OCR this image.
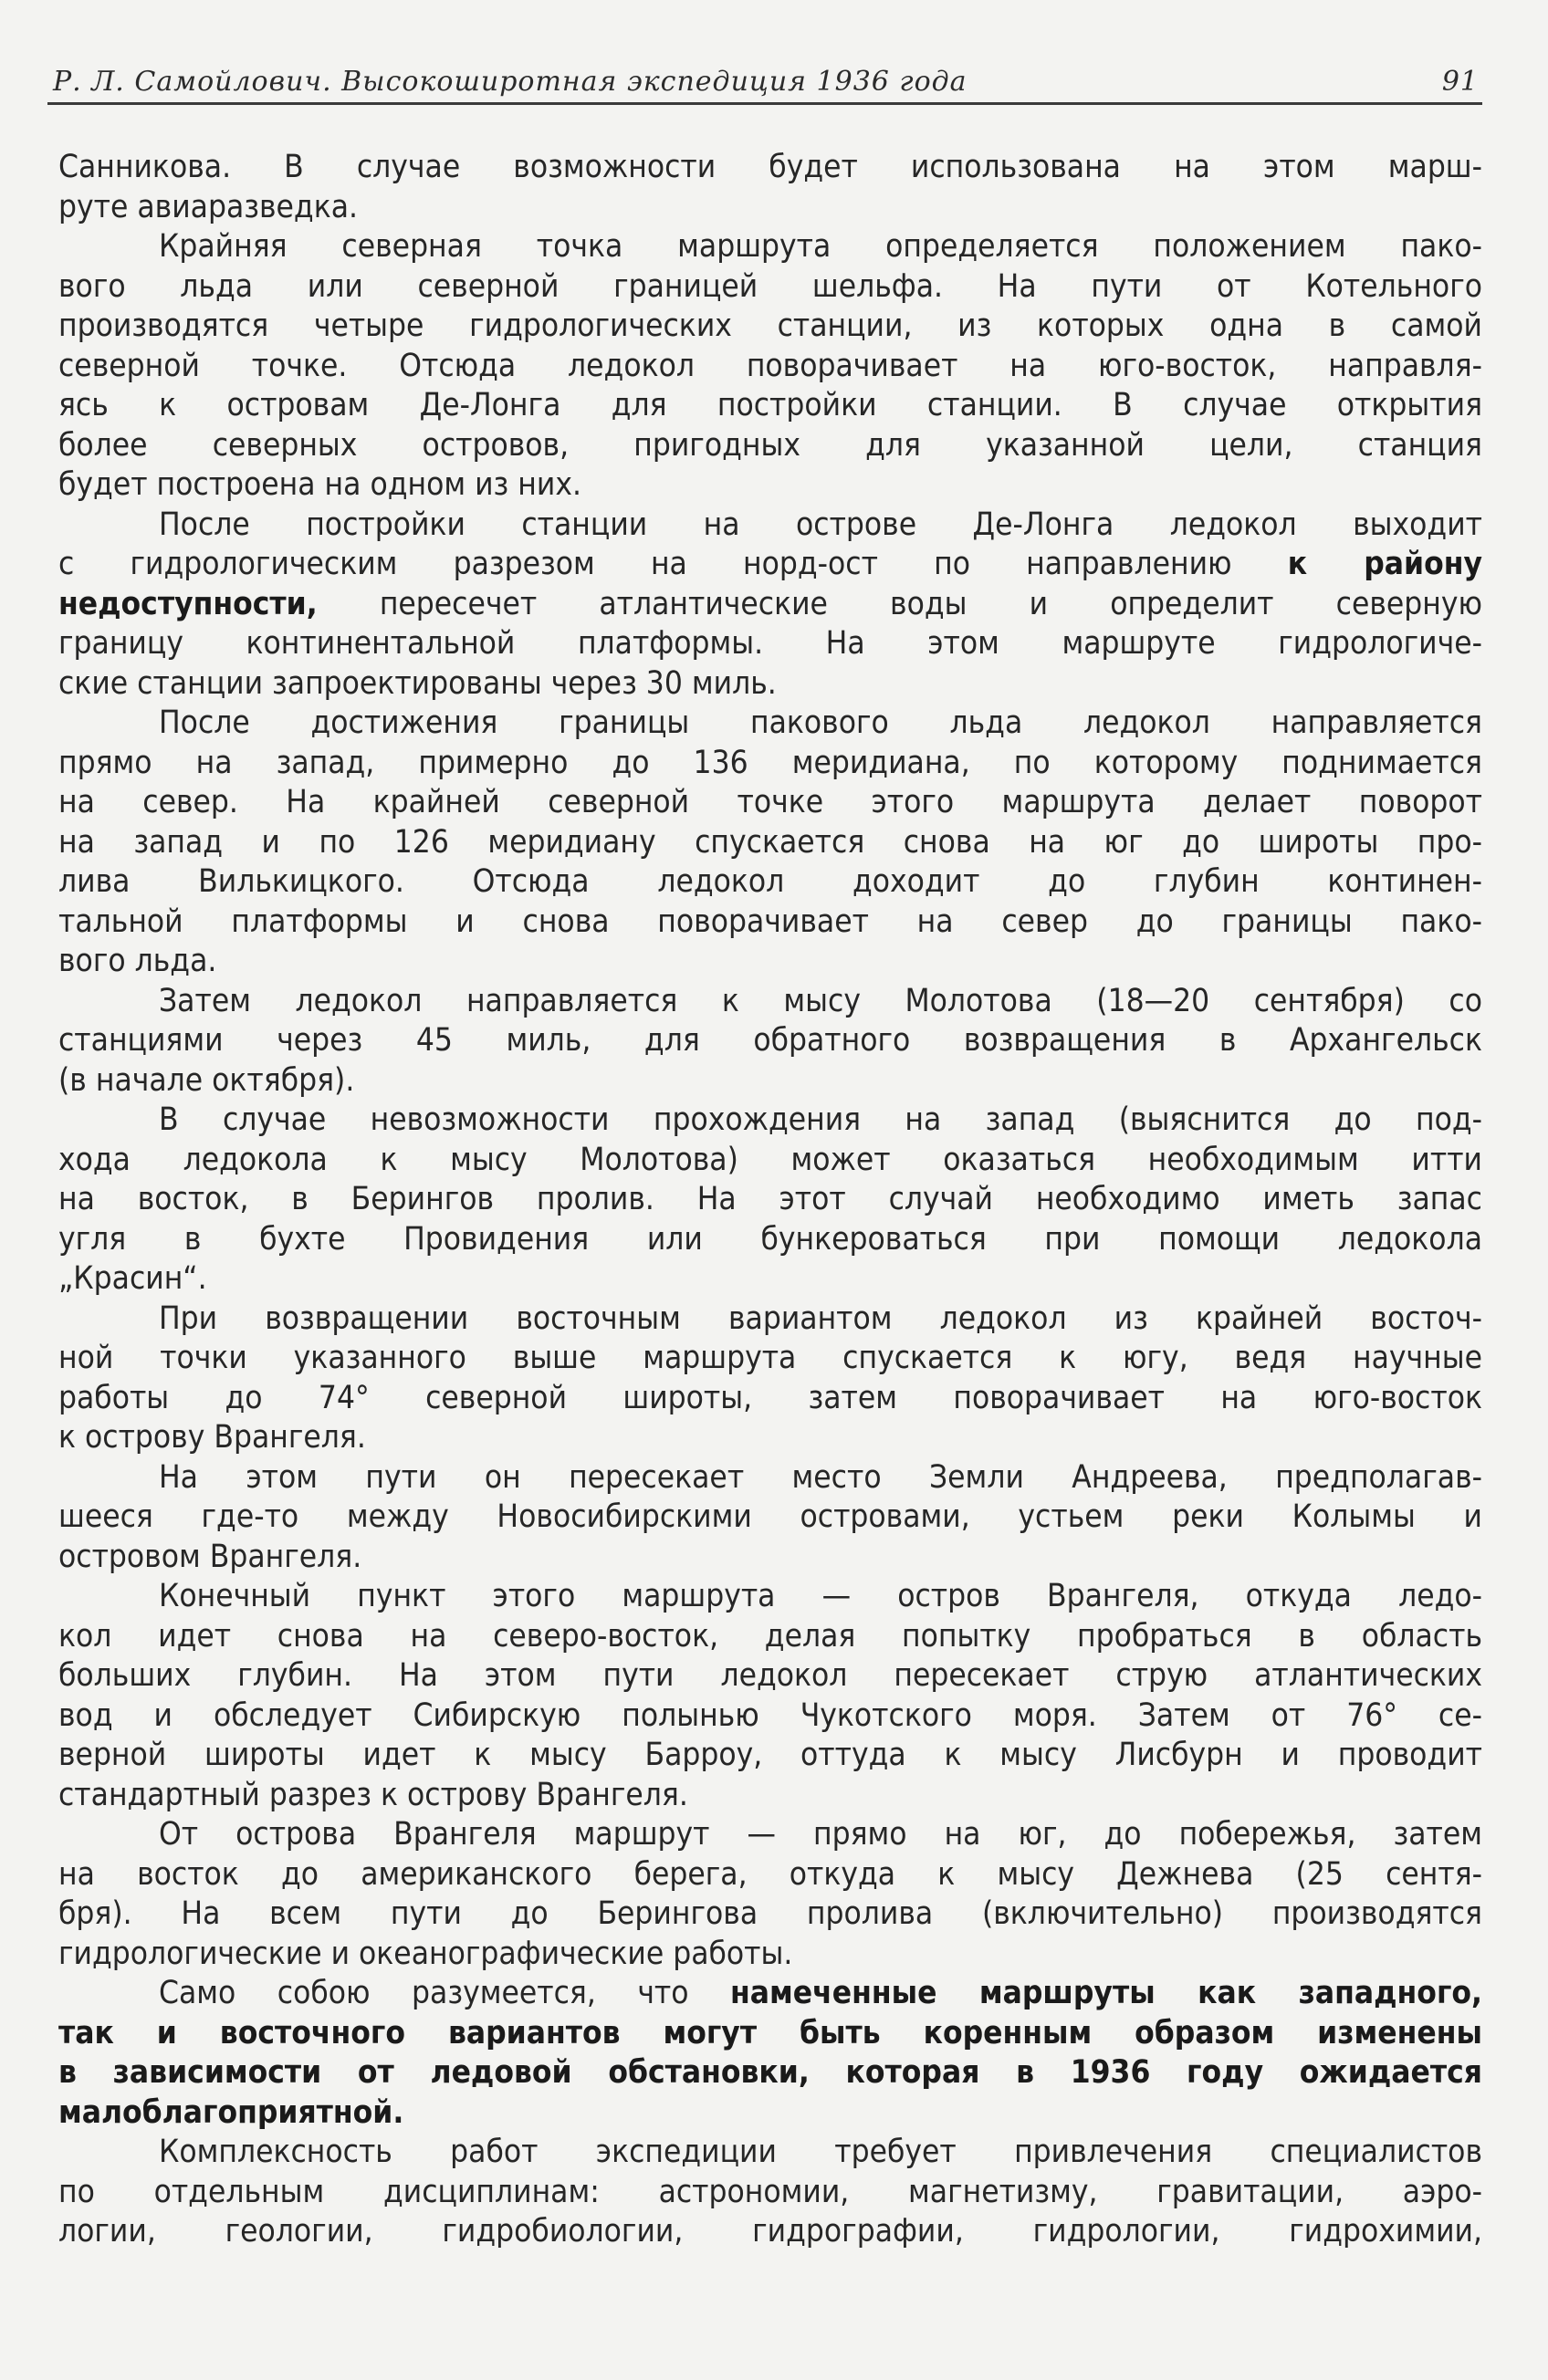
Р. Л. Самойлович. Высокоширотная экспедиция 1936 года	91
Санникова. В случае возможности будет использована на этом марш-
руте авиаразведка.
Крайняя северная точка маршрута определяется положением пако-
вого льда или северной границей шельфа. На пути от Котельного
производятся четыре гидрологических станции, из которых одна в самой
северной точке. Отсюда ледокол поворачивает на юго-восток, направля-
ясь к островам Де-Лонга для постройки станции. В случае открытия
более северных островов, пригодных для указанной цели, станция
будет построена на одном из них.
После постройки станции на острове Де-Лонга ледокол выходит
с гидрологическим разрезом на норд-ост по направлению к району
недоступности, пересечет атлантические воды и определит северную
границу континентальной платформы. На этом маршруте гидрологиче-
ские станции запроектированы через 30 миль.
После достижения границы пакового льда ледокол направляется
прямо на запад, примерно до 136 меридиана, по которому поднимается
на север. На крайней северной точке этого маршрута делает поворот
на запад и по 126 меридиану спускается снова на юг до широты про-
лива Вилькицкого. Отсюда ледокол доходит до глубин континен-
тальной платформы и снова поворачивает на север до границы пако-
вого льда.
Затем ледокол направляется к мысу Молотова (18—20 сентября) со
станциями через 45 миль, для обратного возвращения в Архангельск
(в начале октября).
В случае невозможности прохождения на запад (выяснится до под-
хода ледокола к мысу Молотова) может оказаться необходимым итти
на восток, в Берингов пролив. На этот случай необходимо иметь запас
угля в бухте Провидения или бункероваться при помощи ледокола
„Красин“.
При возвращении восточным вариантом ледокол из крайней восточ-
ной точки указанного выше маршрута спускается к югу, ведя научные
работы до 74° северной широты, затем поворачивает на юго-восток
к острову Врангеля.
На этом пути он пересекает место Земли Андреева, предполагав-
шееся где-то между Новосибирскими островами, устьем реки Колымы и
островом Врангеля.
Конечный пункт этого маршрута — остров Врангеля, откуда ледо-
кол идет снова на северо-восток, делая попытку пробраться в область
больших глубин. На этом пути ледокол пересекает струю атлантических
вод и обследует Сибирскую полынью Чукотского моря. Затем от 76° се-
верной широты идет к мысу Барроу, оттуда к мысу Лисбурн и проводит
стандартный разрез к острову Врангеля.
От острова Врангеля маршрут — прямо на юг, до побережья, затем
на восток до американского берега, откуда к мысу Дежнева (25 сентя-
бря). На всем пути до Берингова пролива (включительно) производятся
гидрологические и океанографические работы.
Само собою разумеется, что намеченные маршруты как западного,
так и восточного вариантов могут быть коренным образом изменены
в зависимости от ледовой обстановки, которая в 1936 году ожидается
малоблагоприятной.
Комплексность работ экспедиции требует привлечения специалистов
по отдельным дисциплинам: астрономии, магнетизму, гравитации, аэро-
логии, геологии, гидробиологии, гидрографии, гидрологии, гидрохимии,
